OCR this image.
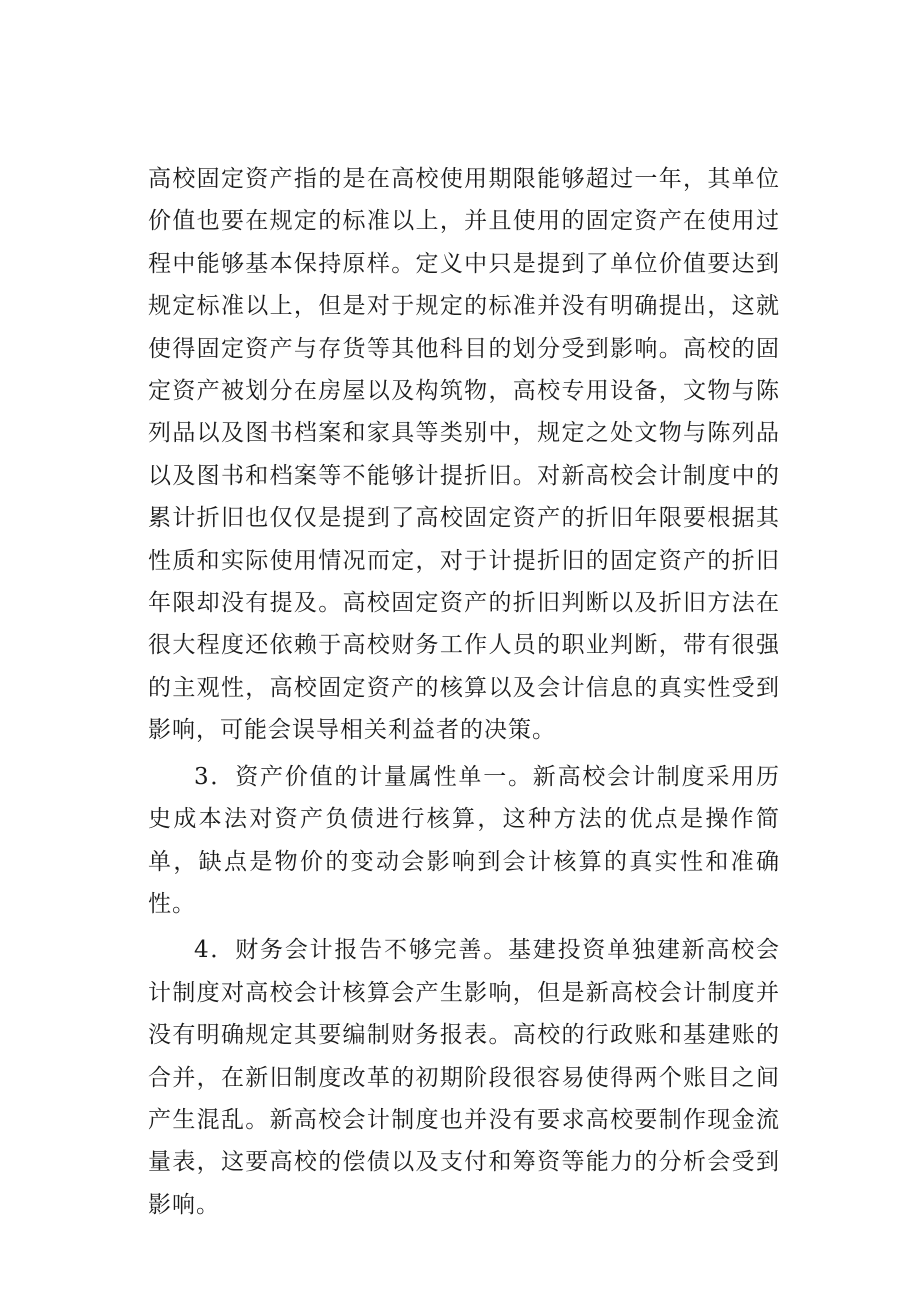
高校固定资产指的是在高校使用期限能够超过一年，其单位价值也要在规定的标准以上，并且使用的固定资产在使用过程中能够基本保持原样。定义中只是提到了单位价值要达到规定标准以上，但是对于规定的标准并没有明确提出，这就使得固定资产与存货等其他科目的划分受到影响。高校的固定资产被划分在房屋以及构筑物，高校专用设备，文物与陈列品以及图书档案和家具等类别中，规定之处文物与陈列品以及图书和档案等不能够计提折旧。对新高校会计制度中的累计折旧也仅仅是提到了高校固定资产的折旧年限要根据其性质和实际使用情况而定，对于计提折旧的固定资产的折旧年限却没有提及。高校固定资产的折旧判断以及折旧方法在很大程度还依赖于高校财务工作人员的职业判断，带有很强的主观性，高校固定资产的核算以及会计信息的真实性受到影响，可能会误导相关利益者的决策。

3．资产价值的计量属性单一。新高校会计制度采用历史成本法对资产负债进行核算，这种方法的优点是操作简单，缺点是物价的变动会影响到会计核算的真实性和准确性。

4．财务会计报告不够完善。基建投资单独建新高校会计制度对高校会计核算会产生影响，但是新高校会计制度并没有明确规定其要编制财务报表。高校的行政账和基建账的合并，在新旧制度改革的初期阶段很容易使得两个账目之间产生混乱。新高校会计制度也并没有要求高校要制作现金流量表，这要高校的偿债以及支付和筹资等能力的分析会受到影响。
